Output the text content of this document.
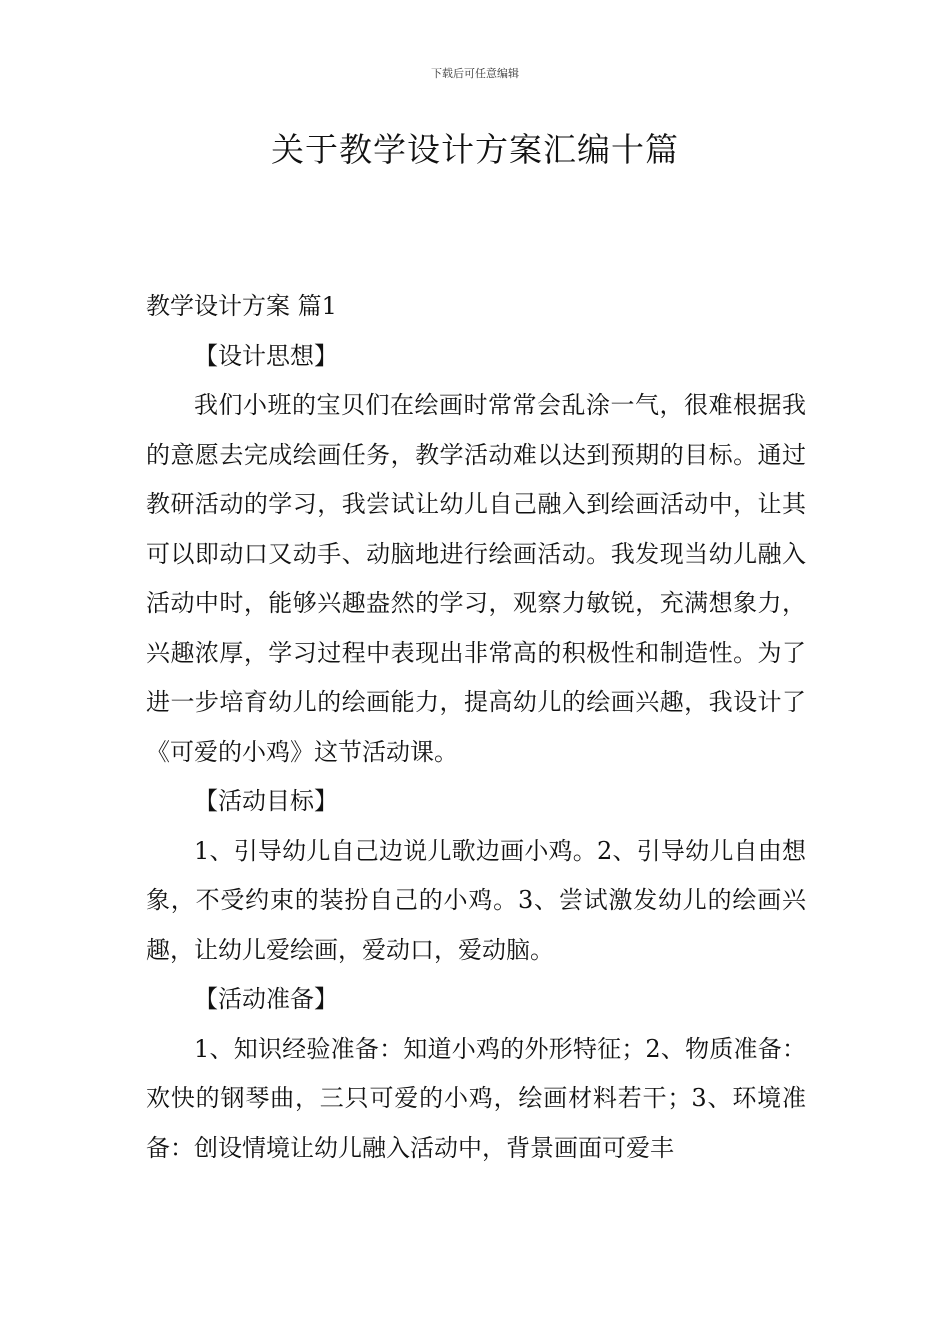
下载后可任意编辑
关于教学设计方案汇编十篇

教学设计方案 篇1

【设计思想】

我们小班的宝贝们在绘画时常常会乱涂一气，很难根据我的意愿去完成绘画任务，教学活动难以达到预期的目标。通过教研活动的学习，我尝试让幼儿自己融入到绘画活动中，让其可以即动口又动手、动脑地进行绘画活动。我发现当幼儿融入活动中时，能够兴趣盎然的学习，观察力敏锐，充满想象力，兴趣浓厚，学习过程中表现出非常高的积极性和制造性。为了进一步培育幼儿的绘画能力，提高幼儿的绘画兴趣，我设计了《可爱的小鸡》这节活动课。

【活动目标】

1、引导幼儿自己边说儿歌边画小鸡。2、引导幼儿自由想象，不受约束的装扮自己的小鸡。3、尝试激发幼儿的绘画兴趣，让幼儿爱绘画，爱动口，爱动脑。

【活动准备】

1、知识经验准备：知道小鸡的外形特征；2、物质准备：欢快的钢琴曲，三只可爱的小鸡，绘画材料若干；3、环境准备：创设情境让幼儿融入活动中，背景画面可爱丰
